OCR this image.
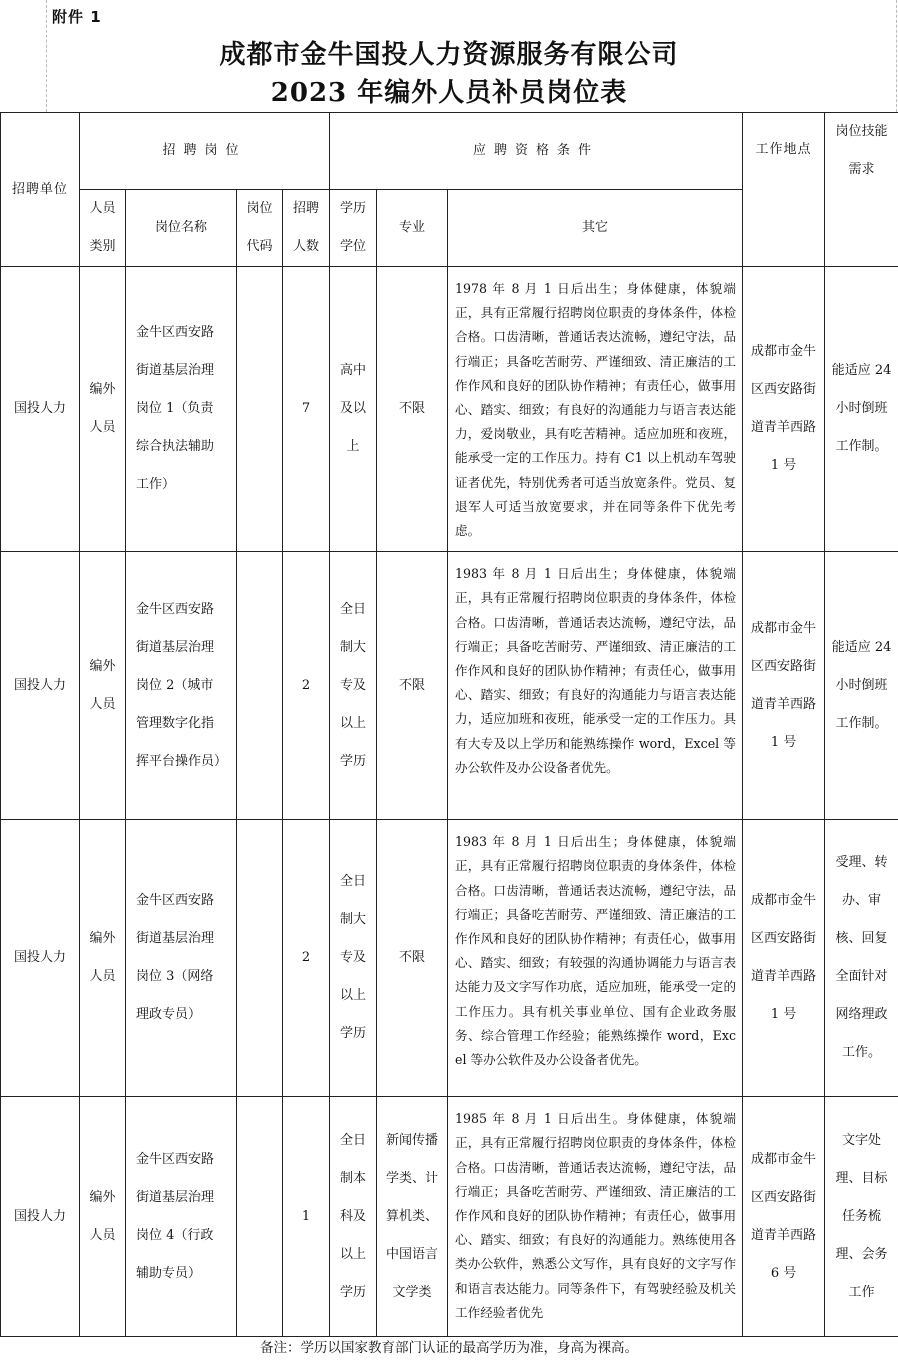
附件 1
成都市金牛国投人力资源服务有限公司
2023 年编外人员补员岗位表
招聘单位	招聘岗位				应聘资格条件			工作地点	岗位技能需求
	人员类别	岗位名称	岗位代码	招聘人数	学历学位	专业	其它		
国投人力	编外人员	金牛区西安路街道基层治理岗位 1（负责综合执法辅助工作）		7	高中及以上	不限	1978 年 8 月 1 日后出生；身体健康，体貌端正，具有正常履行招聘岗位职责的身体条件，体检合格。口齿清晰，普通话表达流畅，遵纪守法，品行端正；具备吃苦耐劳、严谨细致、清正廉洁的工作作风和良好的团队协作精神；有责任心，做事用心、踏实、细致；有良好的沟通能力与语言表达能力，爱岗敬业，具有吃苦精神。适应加班和夜班，能承受一定的工作压力。持有 C1 以上机动车驾驶证者优先，特别优秀者可适当放宽条件。党员、复退军人可适当放宽要求，并在同等条件下优先考虑。	成都市金牛区西安路街道青羊西路 1 号	能适应 24 小时倒班工作制。
国投人力	编外人员	金牛区西安路街道基层治理岗位 2（城市管理数字化指挥平台操作员）		2	全日制大专及以上学历	不限	1983 年 8 月 1 日后出生；身体健康，体貌端正，具有正常履行招聘岗位职责的身体条件，体检合格。口齿清晰，普通话表达流畅，遵纪守法，品行端正；具备吃苦耐劳、严谨细致、清正廉洁的工作作风和良好的团队协作精神；有责任心，做事用心、踏实、细致；有良好的沟通能力与语言表达能力，适应加班和夜班，能承受一定的工作压力。具有大专及以上学历和能熟练操作 word，Excel 等办公软件及办公设备者优先。	成都市金牛区西安路街道青羊西路 1 号	能适应 24 小时倒班工作制。
国投人力	编外人员	金牛区西安路街道基层治理岗位 3（网络理政专员）		2	全日制大专及以上学历	不限	1983 年 8 月 1 日后出生；身体健康，体貌端正，具有正常履行招聘岗位职责的身体条件，体检合格。口齿清晰，普通话表达流畅，遵纪守法，品行端正；具备吃苦耐劳、严谨细致、清正廉洁的工作作风和良好的团队协作精神；有责任心，做事用心、踏实、细致；有较强的沟通协调能力与语言表达能力及文字写作功底，适应加班，能承受一定的工作压力。具有机关事业单位、国有企业政务服务、综合管理工作经验；能熟练操作 word，Excel 等办公软件及办公设备者优先。	成都市金牛区西安路街道青羊西路 1 号	受理、转办、审核、回复全面针对网络理政工作。
国投人力	编外人员	金牛区西安路街道基层治理岗位 4（行政辅助专员）		1	全日制本科及以上学历	新闻传播学类、计算机类、中国语言文学类	1985 年 8 月 1 日后出生。身体健康，体貌端正，具有正常履行招聘岗位职责的身体条件，体检合格。口齿清晰，普通话表达流畅，遵纪守法，品行端正；具备吃苦耐劳、严谨细致、清正廉洁的工作作风和良好的团队协作精神；有责任心，做事用心、踏实、细致；有良好的沟通能力。熟练使用各类办公软件，熟悉公文写作，具有良好的文字写作和语言表达能力。同等条件下，有驾驶经验及机关工作经验者优先	成都市金牛区西安路街道青羊西路 6 号	文字处理、目标任务梳理、会务工作
备注：学历以国家教育部门认证的最高学历为准，身高为裸高。
